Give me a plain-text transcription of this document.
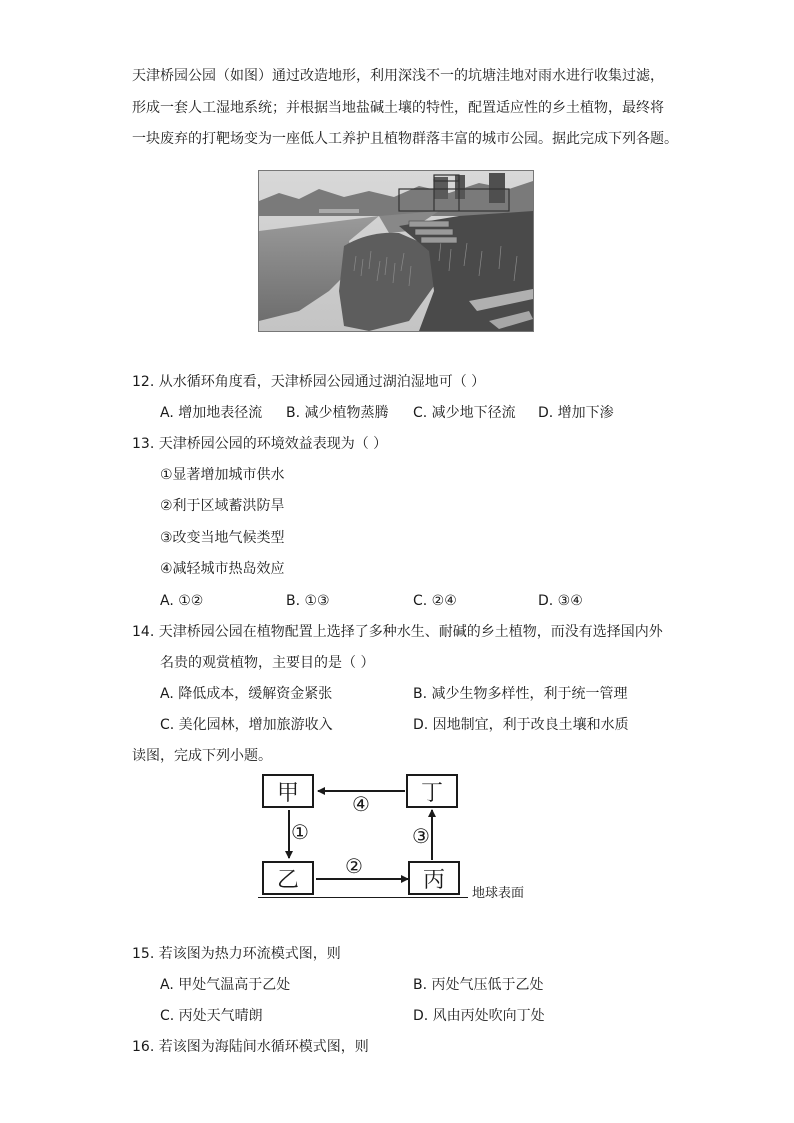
天津桥园公园（如图）通过改造地形，利用深浅不一的坑塘洼地对雨水进行收集过滤，
形成一套人工湿地系统；并根据当地盐碱土壤的特性，配置适应性的乡土植物，最终将
一块废弃的打靶场变为一座低人工养护且植物群落丰富的城市公园。据此完成下列各题。
12. 从水循环角度看，天津桥园公园通过湖泊湿地可（ ）
A. 增加地表径流 B. 减少植物蒸腾 C. 减少地下径流 D. 增加下渗
13. 天津桥园公园的环境效益表现为（ ）
①显著增加城市供水
②利于区域蓄洪防旱
③改变当地气候类型
④减轻城市热岛效应
A. ①②	B. ①③	C. ②④	D. ③④
14. 天津桥园公园在植物配置上选择了多种水生、耐碱的乡土植物，而没有选择国内外
名贵的观赏植物，主要目的是（ ）
A. 降低成本，缓解资金紧张	B. 减少生物多样性，利于统一管理
C. 美化园林，增加旅游收入	D. 因地制宜，利于改良土壤和水质
读图，完成下列小题。
甲	丁
乙	丙
④
①	③
②
地球表面
15. 若该图为热力环流模式图，则
A. 甲处气温高于乙处	B. 丙处气压低于乙处
C. 丙处天气晴朗	D. 风由丙处吹向丁处
16. 若该图为海陆间水循环模式图，则
